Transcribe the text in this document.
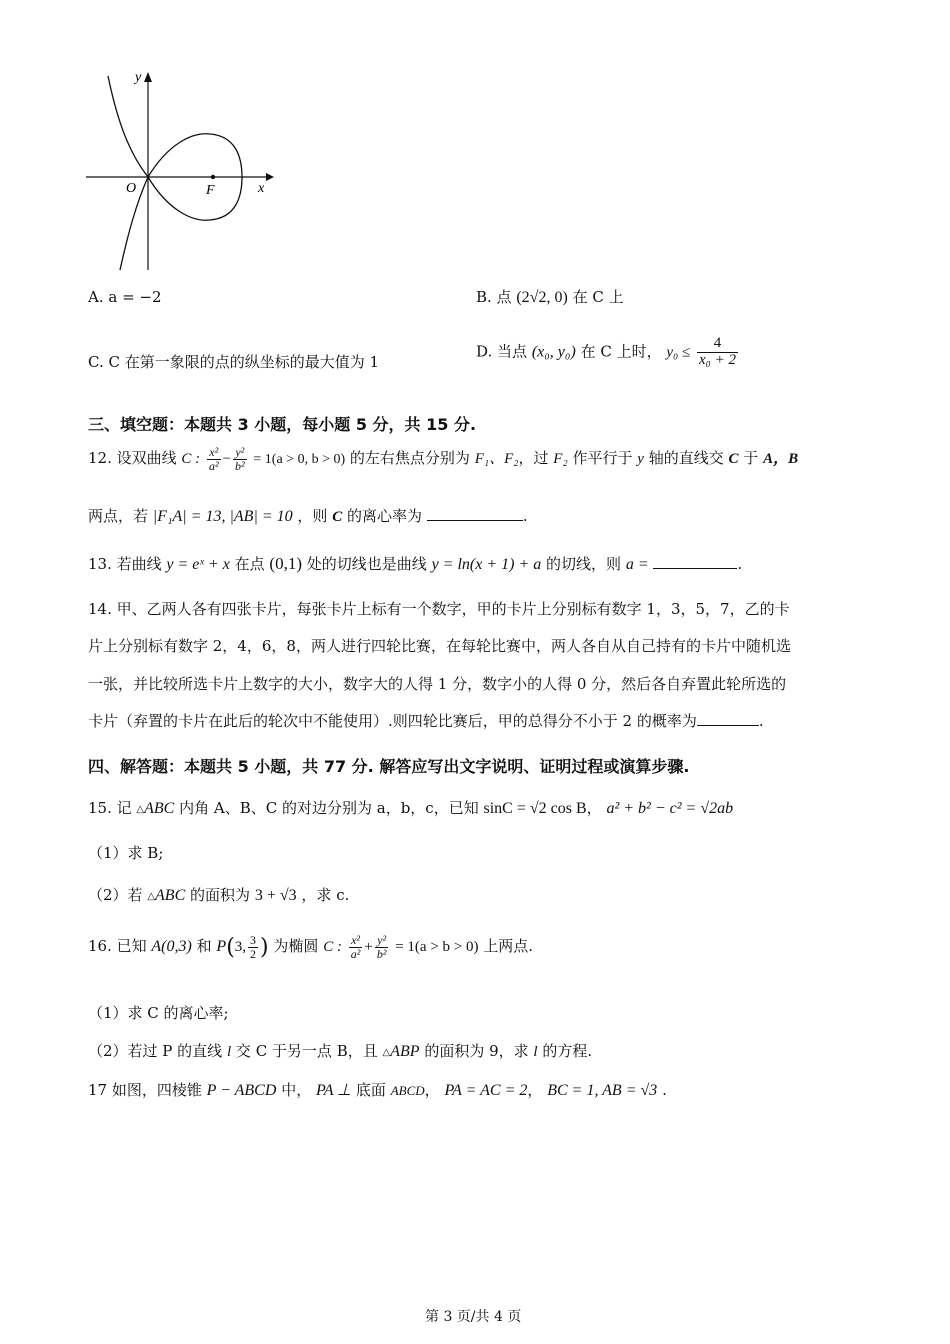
y
x
O	F
A. a = −2	B. 点 (2√2, 0) 在 C 上
C. C 在第一象限的点的纵坐标的最大值为 1
D. 当点 (x₀, y₀) 在 C 上时， $y_0 \le \frac{4}{\text{x₀ + 2}}$
三、填空题：本题共 3 小题，每小题 5 分，共 15 分.
12. 设双曲线 C : $\frac{\text{x²}}{\text{a²}} - \frac{\text{y²}}{\text{b²}} = 1(a > 0$, b > 0) 的左右焦点分别为 F₁、F₂，过 F₂ 作平行于 y 轴的直线交 C 于 A，B
两点，若 |F₁A| = 13, |AB| = 10 ，则 C 的离心率为	.
13. 若曲线 y = eˣ + x 在点 (0,1) 处的切线也是曲线 y = ln(x + 1) + a 的切线，则 a =	.
14. 甲、乙两人各有四张卡片，每张卡片上标有一个数字，甲的卡片上分别标有数字 1，3，5，7，乙的卡
片上分别标有数字 2，4，6，8，两人进行四轮比赛，在每轮比赛中，两人各自从自己持有的卡片中随机选
一张，并比较所选卡片上数字的大小，数字大的人得 1 分，数字小的人得 0 分，然后各自弃置此轮所选的
卡片（弃置的卡片在此后的轮次中不能使用）.则四轮比赛后，甲的总得分不小于 2 的概率为	.
四、解答题：本题共 5 小题，共 77 分. 解答应写出文字说明、证明过程或演算步骤.
15. 记 △ABC 内角 A、B、C 的对边分别为 a，b，c，已知 sinC = √2 cos B， a² + b² − c² = √2ab
（1）求 B;
（2）若 △ABC 的面积为 3 + √3 ，求 c.
16. 已知 A(0,3) 和 P(3, $\frac{3}{2}$ ) 为椭圆 C : $\frac{\text{x²}}{\text{a²}} + \frac{\text{y²}}{\text{b²}} = 1(a > b > 0)$ 上两点.
（1）求 C 的离心率;
（2）若过 P 的直线 l 交 C 于另一点 B，且 △ABP 的面积为 9，求 l 的方程.
17 如图，四棱锥 P − ABCD 中， PA ⊥ 底面 ABCD， PA = AC = 2， BC = 1, AB = √3 .
第 3 页/共 4 页
